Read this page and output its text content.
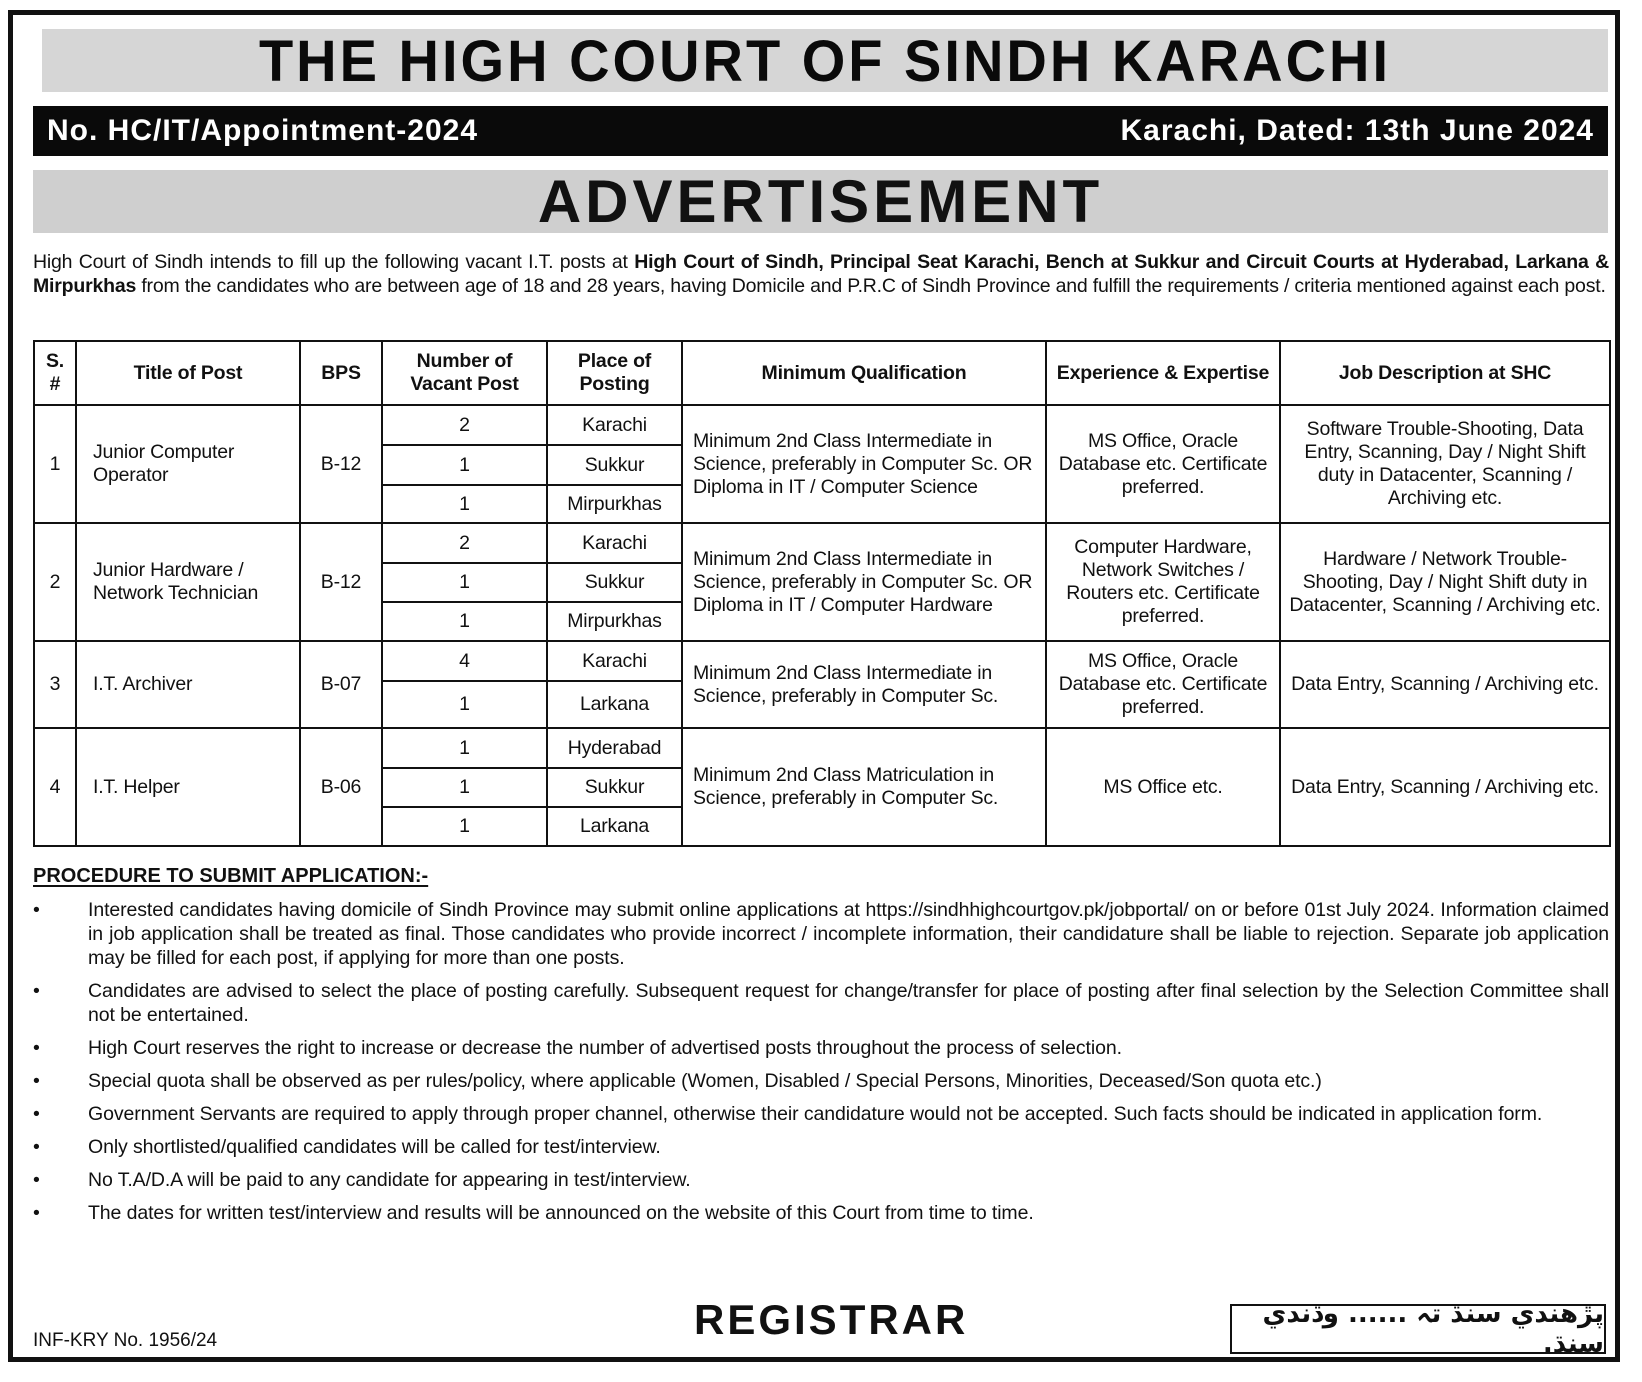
THE HIGH COURT OF SINDH KARACHI
No. HC/IT/Appointment-2024	Karachi, Dated: 13th June 2024
ADVERTISEMENT

High Court of Sindh intends to fill up the following vacant I.T. posts at High Court of Sindh, Principal Seat Karachi, Bench at Sukkur and Circuit Courts at Hyderabad, Larkana & Mirpurkhas from the candidates who are between age of 18 and 28 years, having Domicile and P.R.C of Sindh Province and fulfill the requirements / criteria mentioned against each post.

S. #	Title of Post	BPS	Number of Vacant Post	Place of Posting	Minimum Qualification	Experience & Expertise	Job Description at SHC
1	Junior Computer Operator	B-12	2	Karachi	Minimum 2nd Class Intermediate in Science, preferably in Computer Sc. OR Diploma in IT / Computer Science	MS Office, Oracle Database etc. Certificate preferred.	Software Trouble-Shooting, Data Entry, Scanning, Day / Night Shift duty in Datacenter, Scanning / Archiving etc.
			1	Sukkur			
			1	Mirpurkhas			
2	Junior Hardware / Network Technician	B-12	2	Karachi	Minimum 2nd Class Intermediate in Science, preferably in Computer Sc. OR Diploma in IT / Computer Hardware	Computer Hardware, Network Switches / Routers etc. Certificate preferred.	Hardware / Network Trouble-Shooting, Day / Night Shift duty in Datacenter, Scanning / Archiving etc.
			1	Sukkur			
			1	Mirpurkhas			
3	I.T. Archiver	B-07	4	Karachi	Minimum 2nd Class Intermediate in Science, preferably in Computer Sc.	MS Office, Oracle Database etc. Certificate preferred.	Data Entry, Scanning / Archiving etc.
			1	Larkana			
4	I.T. Helper	B-06	1	Hyderabad	Minimum 2nd Class Matriculation in Science, preferably in Computer Sc.	MS Office etc.	Data Entry, Scanning / Archiving etc.
			1	Sukkur			
			1	Larkana			
PROCEDURE TO SUBMIT APPLICATION:-
• Interested candidates having domicile of Sindh Province may submit online applications at https://sindhhighcourtgov.pk/jobportal/ on or before 01st July 2024. Information claimed in job application shall be treated as final. Those candidates who provide incorrect / incomplete information, their candidature shall be liable to rejection. Separate job application may be filled for each post, if applying for more than one posts.
• Candidates are advised to select the place of posting carefully. Subsequent request for change/transfer for place of posting after final selection by the Selection Committee shall not be entertained.
• High Court reserves the right to increase or decrease the number of advertised posts throughout the process of selection.
• Special quota shall be observed as per rules/policy, where applicable (Women, Disabled / Special Persons, Minorities, Deceased/Son quota etc.)
• Government Servants are required to apply through proper channel, otherwise their candidature would not be accepted. Such facts should be indicated in application form.
• Only shortlisted/qualified candidates will be called for test/interview.
• No T.A/D.A will be paid to any candidate for appearing in test/interview.
• The dates for written test/interview and results will be announced on the website of this Court from time to time.
REGISTRAR
INF-KRY No. 1956/24
پڙهندي سنڌ تہ ...... وڌندي سنڌ.
